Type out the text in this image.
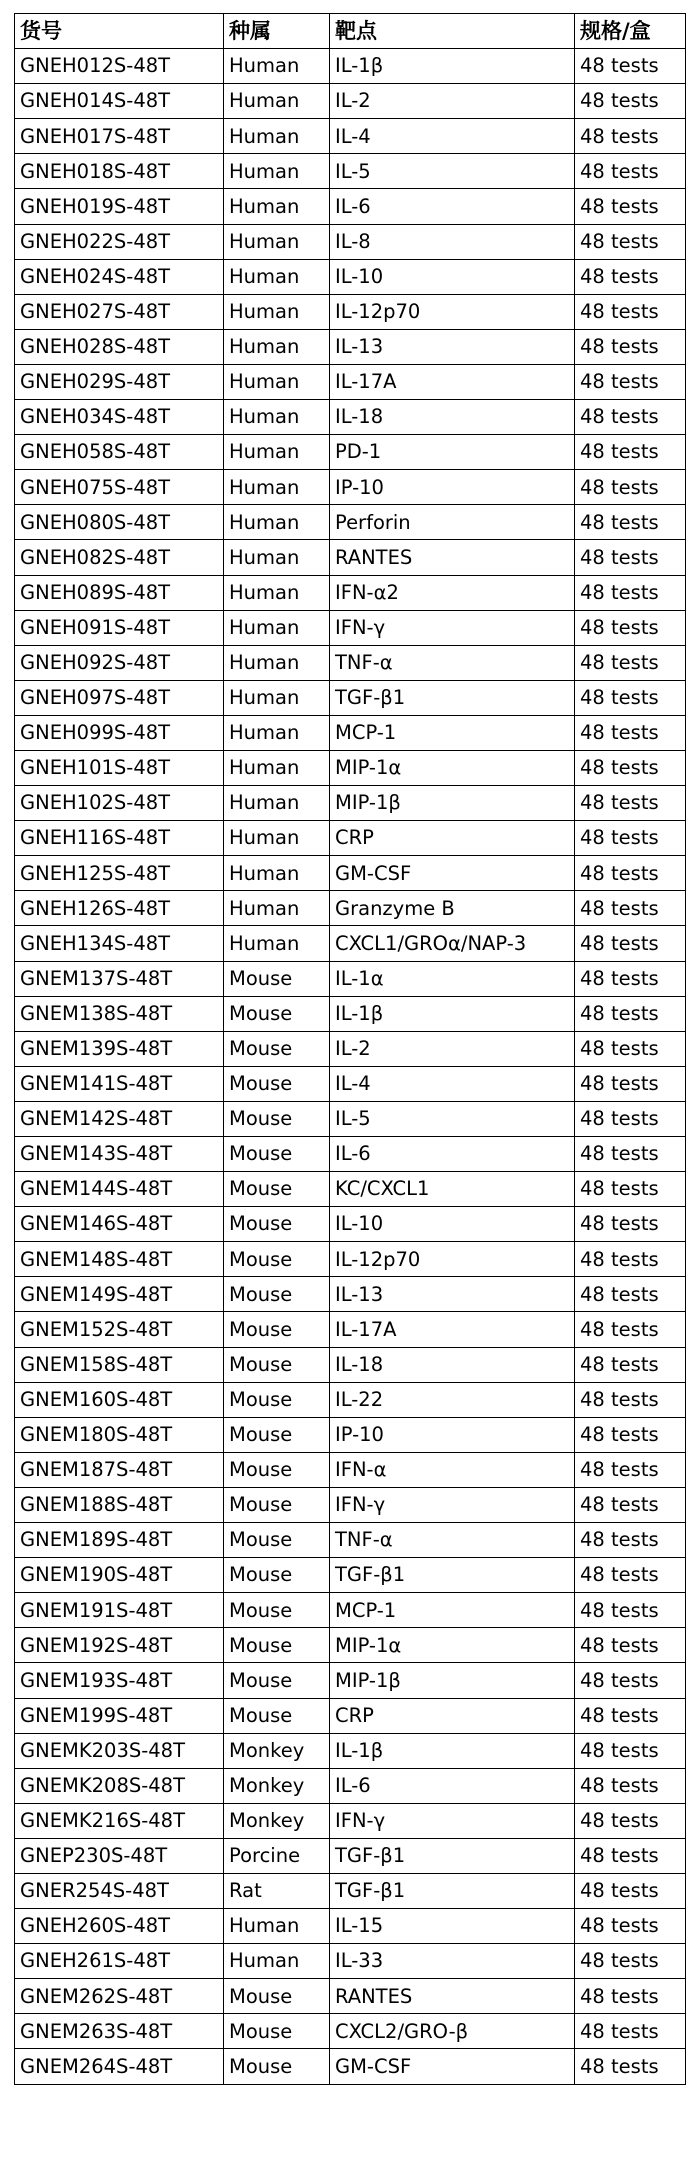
货号	种属	靶点	规格/盒
GNEH012S-48T	Human	IL-1β	48 tests
GNEH014S-48T	Human	IL-2	48 tests
GNEH017S-48T	Human	IL-4	48 tests
GNEH018S-48T	Human	IL-5	48 tests
GNEH019S-48T	Human	IL-6	48 tests
GNEH022S-48T	Human	IL-8	48 tests
GNEH024S-48T	Human	IL-10	48 tests
GNEH027S-48T	Human	IL-12p70	48 tests
GNEH028S-48T	Human	IL-13	48 tests
GNEH029S-48T	Human	IL-17A	48 tests
GNEH034S-48T	Human	IL-18	48 tests
GNEH058S-48T	Human	PD-1	48 tests
GNEH075S-48T	Human	IP-10	48 tests
GNEH080S-48T	Human	Perforin	48 tests
GNEH082S-48T	Human	RANTES	48 tests
GNEH089S-48T	Human	IFN-α2	48 tests
GNEH091S-48T	Human	IFN-γ	48 tests
GNEH092S-48T	Human	TNF-α	48 tests
GNEH097S-48T	Human	TGF-β1	48 tests
GNEH099S-48T	Human	MCP-1	48 tests
GNEH101S-48T	Human	MIP-1α	48 tests
GNEH102S-48T	Human	MIP-1β	48 tests
GNEH116S-48T	Human	CRP	48 tests
GNEH125S-48T	Human	GM-CSF	48 tests
GNEH126S-48T	Human	Granzyme B	48 tests
GNEH134S-48T	Human	CXCL1/GROα/NAP-3	48 tests
GNEM137S-48T	Mouse	IL-1α	48 tests
GNEM138S-48T	Mouse	IL-1β	48 tests
GNEM139S-48T	Mouse	IL-2	48 tests
GNEM141S-48T	Mouse	IL-4	48 tests
GNEM142S-48T	Mouse	IL-5	48 tests
GNEM143S-48T	Mouse	IL-6	48 tests
GNEM144S-48T	Mouse	KC/CXCL1	48 tests
GNEM146S-48T	Mouse	IL-10	48 tests
GNEM148S-48T	Mouse	IL-12p70	48 tests
GNEM149S-48T	Mouse	IL-13	48 tests
GNEM152S-48T	Mouse	IL-17A	48 tests
GNEM158S-48T	Mouse	IL-18	48 tests
GNEM160S-48T	Mouse	IL-22	48 tests
GNEM180S-48T	Mouse	IP-10	48 tests
GNEM187S-48T	Mouse	IFN-α	48 tests
GNEM188S-48T	Mouse	IFN-γ	48 tests
GNEM189S-48T	Mouse	TNF-α	48 tests
GNEM190S-48T	Mouse	TGF-β1	48 tests
GNEM191S-48T	Mouse	MCP-1	48 tests
GNEM192S-48T	Mouse	MIP-1α	48 tests
GNEM193S-48T	Mouse	MIP-1β	48 tests
GNEM199S-48T	Mouse	CRP	48 tests
GNEMK203S-48T	Monkey	IL-1β	48 tests
GNEMK208S-48T	Monkey	IL-6	48 tests
GNEMK216S-48T	Monkey	IFN-γ	48 tests
GNEP230S-48T	Porcine	TGF-β1	48 tests
GNER254S-48T	Rat	TGF-β1	48 tests
GNEH260S-48T	Human	IL-15	48 tests
GNEH261S-48T	Human	IL-33	48 tests
GNEM262S-48T	Mouse	RANTES	48 tests
GNEM263S-48T	Mouse	CXCL2/GRO-β	48 tests
GNEM264S-48T	Mouse	GM-CSF	48 tests
